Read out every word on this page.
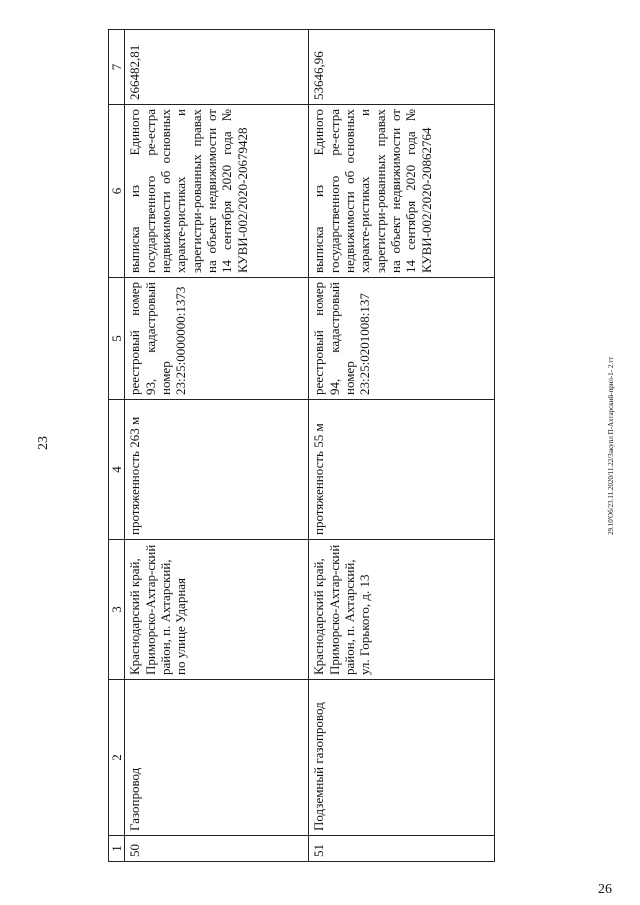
23
1	2	3	4	5	6	7
50	Газопровод	Краснодарский край, Приморско-Ахтар-ский район, п. Ахтарский, по улице Ударная	протяженность 263 м	реестровый номер 93, кадастровый номер 23:25:0000000:1373	выписка из Единого государственного ре-естра недвижимости об основных характе-ристиках и зарегистри-рованных правах на объект недвижимости от 14 сентября 2020 года № КУВИ-002/2020-20679428	266482,81
51	Подземный газопровод	Краснодарский край, Приморско-Ахтар-ский район, п. Ахтарский, ул. Горького, д. 13	протяженность 55 м	реестровый номер 94, кадастровый номер 23:25:0201008:137	выписка из Единого государственного ре-естра недвижимости об основных характе-ристиках и зарегистри-рованных правах на объект недвижимости от 14 сентября 2020 года № КУВИ-002/2020-20862764	53646,96
29.10'Об/23.11.2020/11.22/Закупл П-Ахтарский-прил-1- 2.тт
26
